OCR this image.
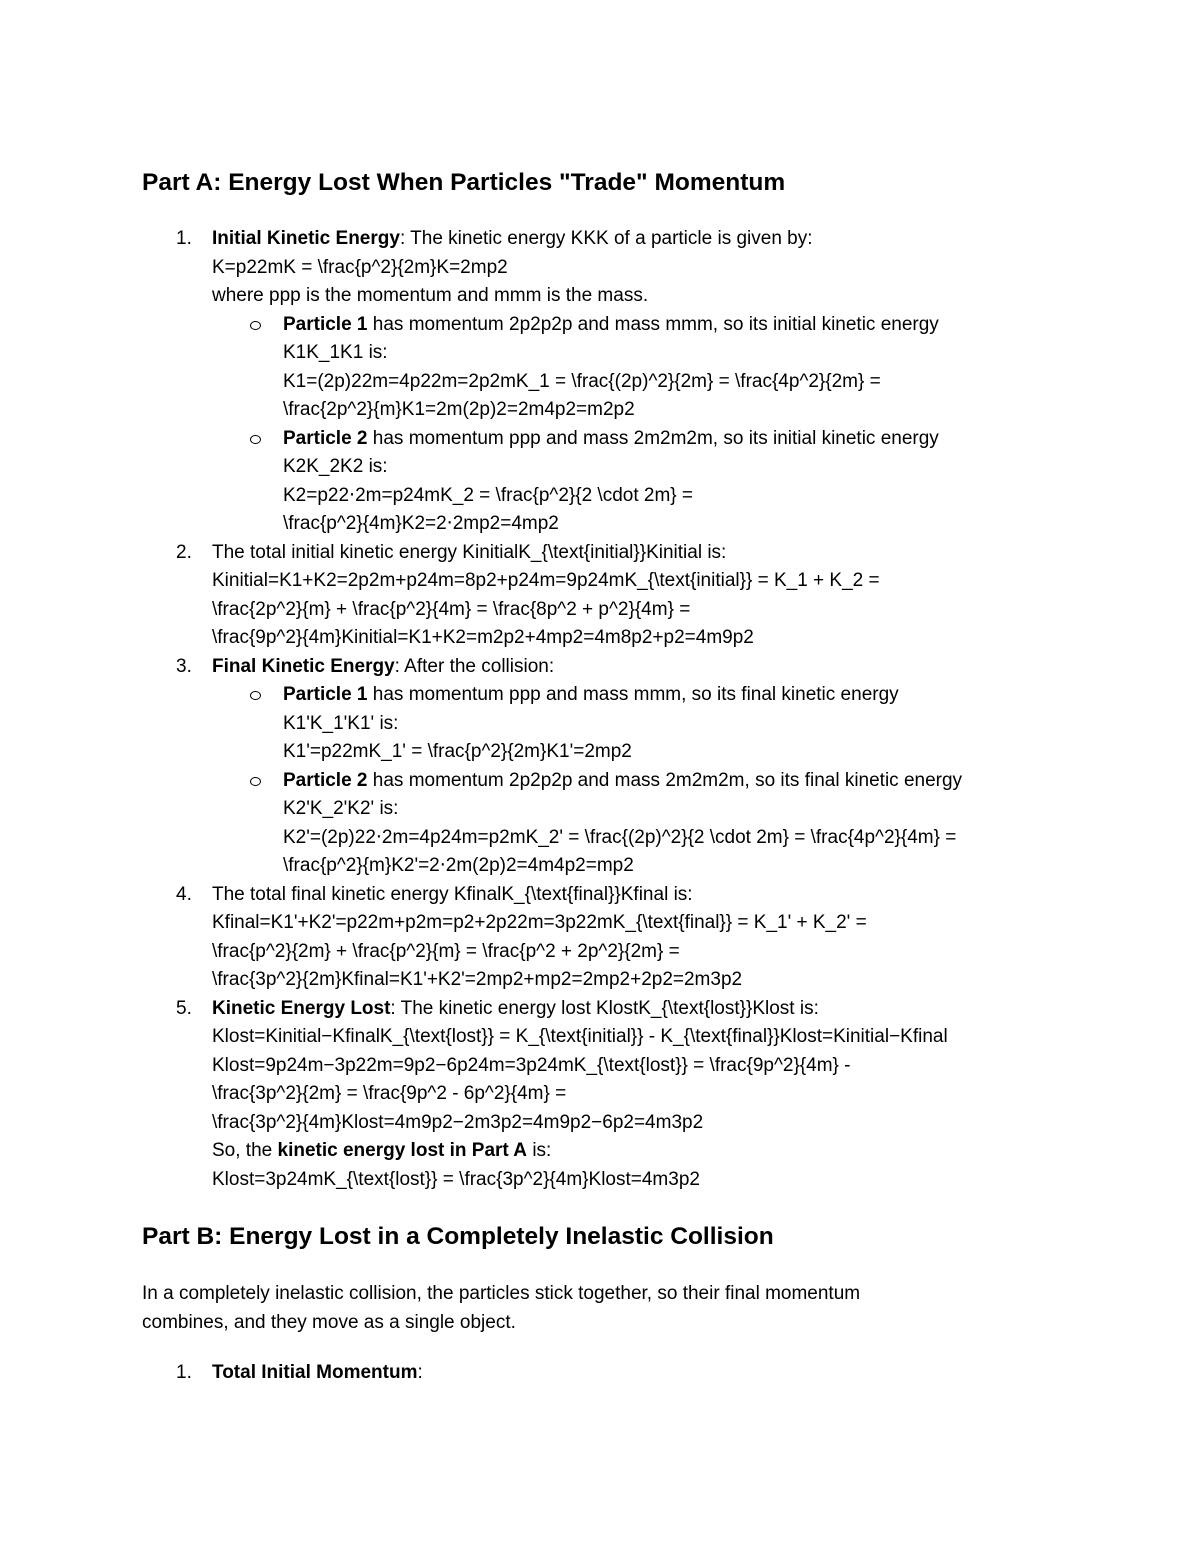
Part A: Energy Lost When Particles "Trade" Momentum
1. Initial Kinetic Energy: The kinetic energy KKK of a particle is given by:
K=p22mK = \frac{p^2}{2m}K=2mp2
where ppp is the momentum and mmm is the mass.
Particle 1 has momentum 2p2p2p and mass mmm, so its initial kinetic energy
K1K_1K1 is:
K1=(2p)22m=4p22m=2p2mK_1 = \frac{(2p)^2}{2m} = \frac{4p^2}{2m} =
\frac{2p^2}{m}K1=2m(2p)2=2m4p2=m2p2
Particle 2 has momentum ppp and mass 2m2m2m, so its initial kinetic energy
K2K_2K2 is:
K2=p22⋅2m=p24mK_2 = \frac{p^2}{2 \cdot 2m} =
\frac{p^2}{4m}K2=2⋅2mp2=4mp2
2. The total initial kinetic energy KinitialK_{\text{initial}}Kinitial is:
Kinitial=K1+K2=2p2m+p24m=8p2+p24m=9p24mK_{\text{initial}} = K_1 + K_2 =
\frac{2p^2}{m} + \frac{p^2}{4m} = \frac{8p^2 + p^2}{4m} =
\frac{9p^2}{4m}Kinitial=K1+K2=m2p2+4mp2=4m8p2+p2=4m9p2
3. Final Kinetic Energy: After the collision:
Particle 1 has momentum ppp and mass mmm, so its final kinetic energy
K1'K_1'K1' is:
K1'=p22mK_1' = \frac{p^2}{2m}K1'=2mp2
Particle 2 has momentum 2p2p2p and mass 2m2m2m, so its final kinetic energy
K2'K_2'K2' is:
K2'=(2p)22⋅2m=4p24m=p2mK_2' = \frac{(2p)^2}{2 \cdot 2m} = \frac{4p^2}{4m} =
\frac{p^2}{m}K2'=2⋅2m(2p)2=4m4p2=mp2
4. The total final kinetic energy KfinalK_{\text{final}}Kfinal is:
Kfinal=K1'+K2'=p22m+p2m=p2+2p22m=3p22mK_{\text{final}} = K_1' + K_2' =
\frac{p^2}{2m} + \frac{p^2}{m} = \frac{p^2 + 2p^2}{2m} =
\frac{3p^2}{2m}Kfinal=K1'+K2'=2mp2+mp2=2mp2+2p2=2m3p2
5. Kinetic Energy Lost: The kinetic energy lost KlostK_{\text{lost}}Klost is:
Klost=Kinitial−KfinalK_{\text{lost}} = K_{\text{initial}} - K_{\text{final}}Klost=Kinitial−Kfinal
Klost=9p24m−3p22m=9p2−6p24m=3p24mK_{\text{lost}} = \frac{9p^2}{4m} -
\frac{3p^2}{2m} = \frac{9p^2 - 6p^2}{4m} =
\frac{3p^2}{4m}Klost=4m9p2−2m3p2=4m9p2−6p2=4m3p2
So, the kinetic energy lost in Part A is:
Klost=3p24mK_{\text{lost}} = \frac{3p^2}{4m}Klost=4m3p2
Part B: Energy Lost in a Completely Inelastic Collision

In a completely inelastic collision, the particles stick together, so their final momentum
combines, and they move as a single object.

1. Total Initial Momentum:
